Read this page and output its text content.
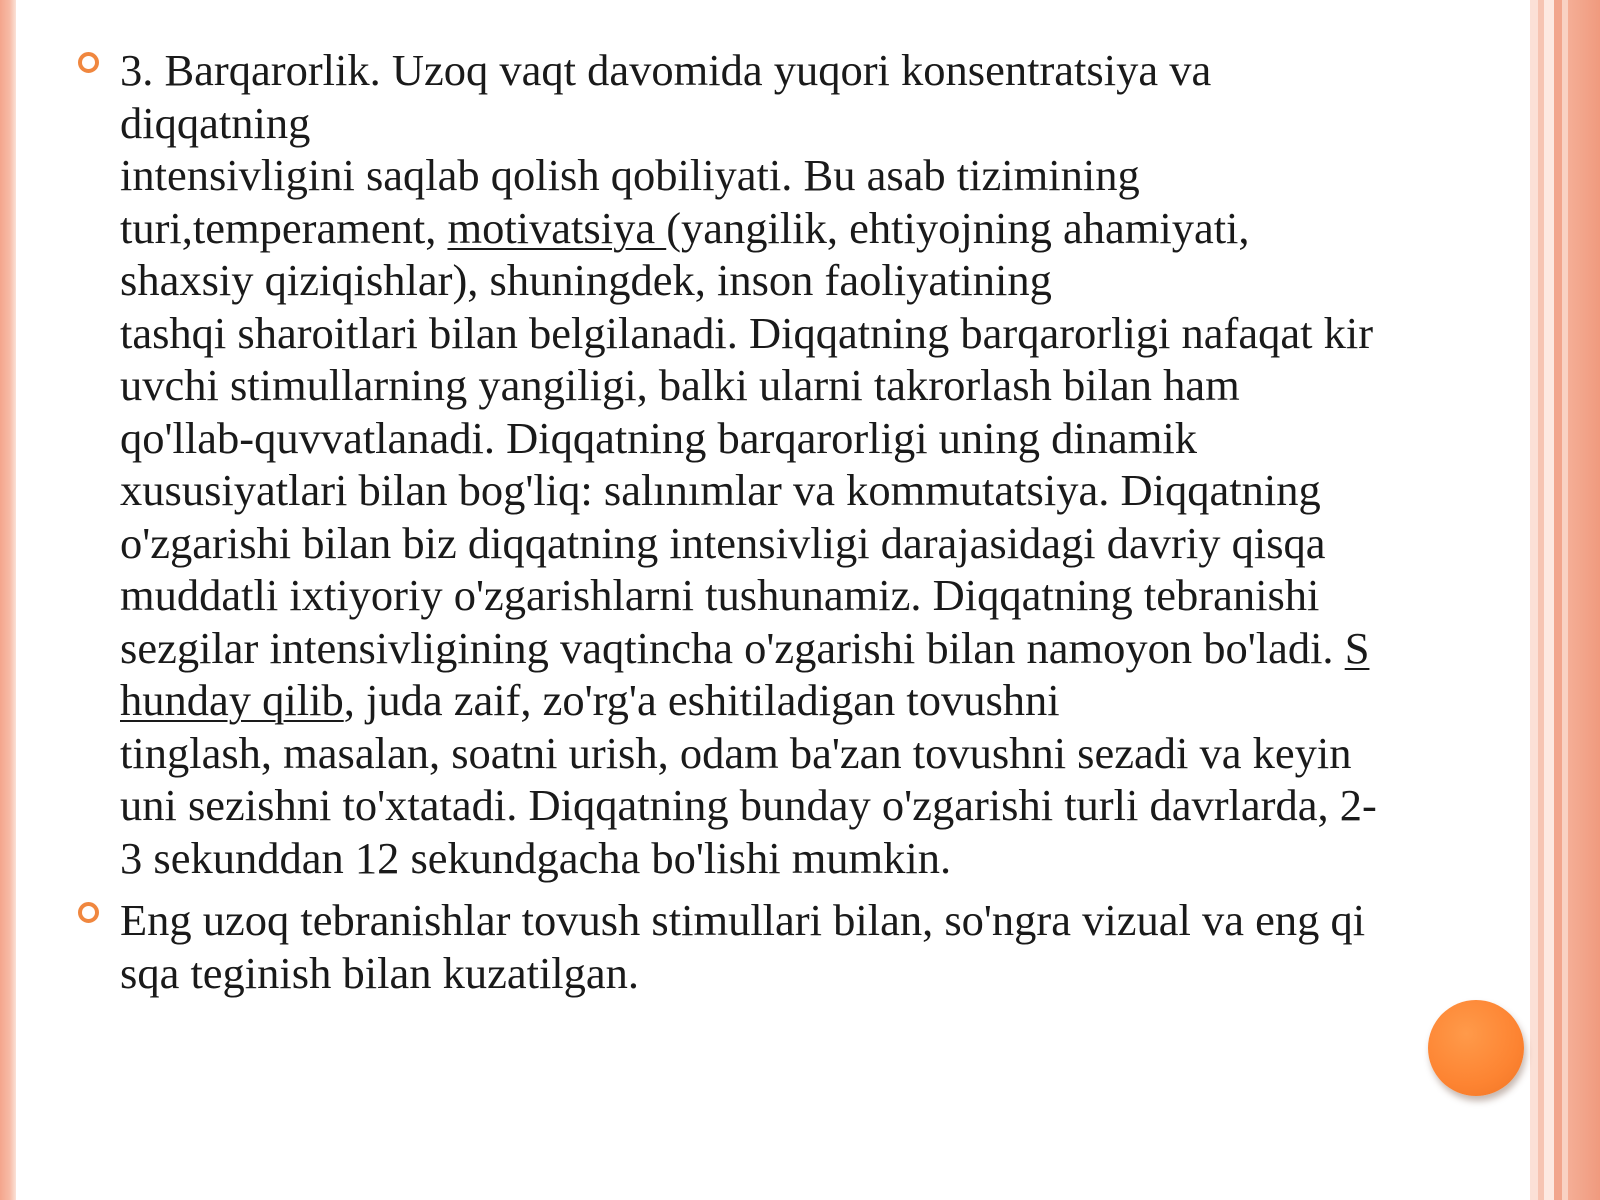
3. Barqarorlik. Uzoq vaqt davomida yuqori konsentratsiya va
diqqatning
intensivligini saqlab qolish qobiliyati. Bu asab tizimining
turi,temperament, motivatsiya (yangilik, ehtiyojning ahamiyati,
shaxsiy qiziqishlar), shuningdek, inson faoliyatining
tashqi sharoitlari bilan belgilanadi. Diqqatning barqarorligi nafaqat kir
uvchi stimullarning yangiligi, balki ularni takrorlash bilan ham
qo'llab-quvvatlanadi. Diqqatning barqarorligi uning dinamik
xususiyatlari bilan bog'liq: salınımlar va kommutatsiya. Diqqatning
o'zgarishi bilan biz diqqatning intensivligi darajasidagi davriy qisqa
muddatli ixtiyoriy o'zgarishlarni tushunamiz. Diqqatning tebranishi
sezgilar intensivligining vaqtincha o'zgarishi bilan namoyon bo'ladi. S
hunday qilib, juda zaif, zo'rg'a eshitiladigan tovushni
tinglash, masalan, soatni urish, odam ba'zan tovushni sezadi va keyin
uni sezishni to'xtatadi. Diqqatning bunday o'zgarishi turli davrlarda, 2-
3 sekunddan 12 sekundgacha bo'lishi mumkin.

Eng uzoq tebranishlar tovush stimullari bilan, so'ngra vizual va eng qi
sqa teginish bilan kuzatilgan.
